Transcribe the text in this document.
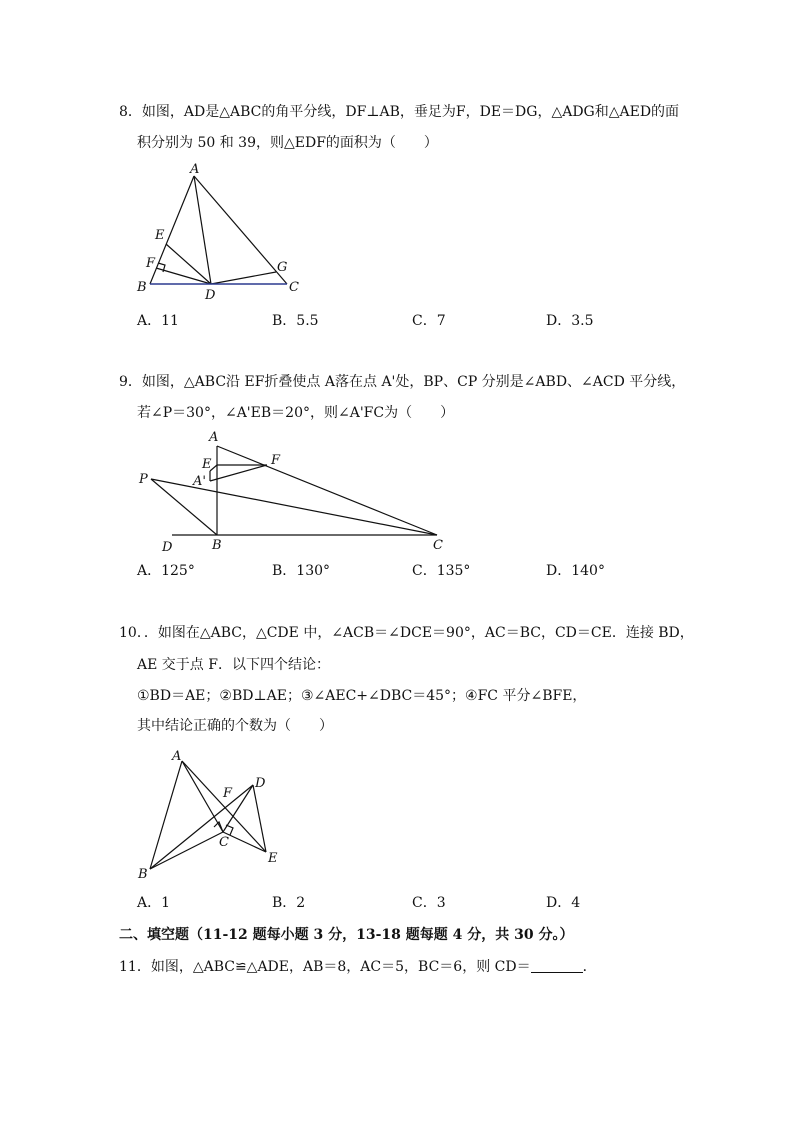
8．如图，AD是△ABC的角平分线，DF⊥AB，垂足为F，DE＝DG，△ADG和△AED的面
积分别为 50 和 39，则△EDF的面积为（　　）
A
E
F
B
D
G
C
A．11	B．5.5	C．7	D．3.5
9．如图，△ABC沿 EF折叠使点 A落在点 A'处，BP、CP 分别是∠ABD、∠ACD 平分线，
若∠P＝30°，∠A'EB＝20°，则∠A'FC为（　　）
A
E
A'
F
P
D	B	C
A．125°	B．130°	C．135°	D．140°
10．．如图在△ABC，△CDE 中，∠ACB＝∠DCE＝90°，AC＝BC，CD＝CE．连接 BD，
AE 交于点 F．以下四个结论：
①BD＝AE；②BD⊥AE；③∠AEC+∠DBC＝45°；④FC 平分∠BFE，
其中结论正确的个数为（　　）
A
F
D
C
B
E
A．1	B．2	C．3	D．4
二、填空题（11-12 题每小题 3 分，13-18 题每题 4 分，共 30 分。）
11．如图，△ABC≌△ADE，AB＝8，AC＝5，BC＝6，则 CD＝	．
